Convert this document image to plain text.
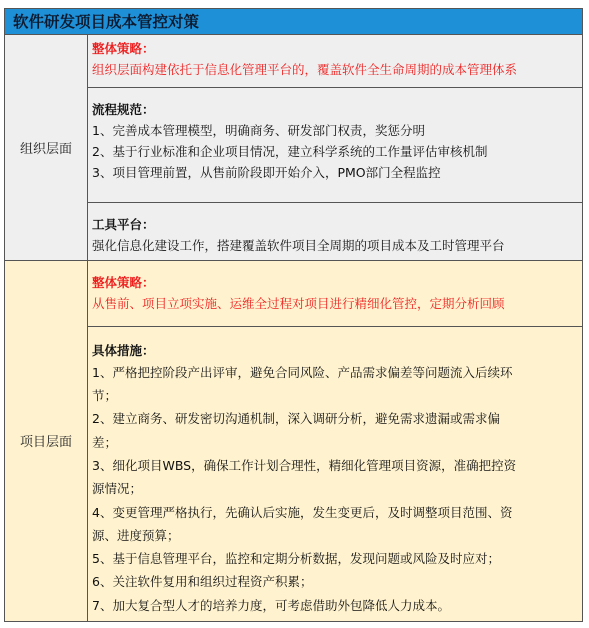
软件研发项目成本管控对策
组织层面
整体策略：
组织层面构建依托于信息化管理平台的，覆盖软件全生命周期的成本管理体系
流程规范：
1、完善成本管理模型，明确商务、研发部门权责，奖惩分明
2、基于行业标准和企业项目情况，建立科学系统的工作量评估审核机制
3、项目管理前置，从售前阶段即开始介入，PMO部门全程监控
工具平台：
强化信息化建设工作，搭建覆盖软件项目全周期的项目成本及工时管理平台
项目层面
整体策略：
从售前、项目立项实施、运维全过程对项目进行精细化管控，定期分析回顾
具体措施：
1、严格把控阶段产出评审，避免合同风险、产品需求偏差等问题流入后续环
节；
2、建立商务、研发密切沟通机制，深入调研分析，避免需求遗漏或需求偏
差；
3、细化项目WBS，确保工作计划合理性，精细化管理项目资源，准确把控资
源情况；
4、变更管理严格执行，先确认后实施，发生变更后，及时调整项目范围、资
源、进度预算；
5、基于信息管理平台，监控和定期分析数据，发现问题或风险及时应对；
6、关注软件复用和组织过程资产积累；
7、加大复合型人才的培养力度，可考虑借助外包降低人力成本。
